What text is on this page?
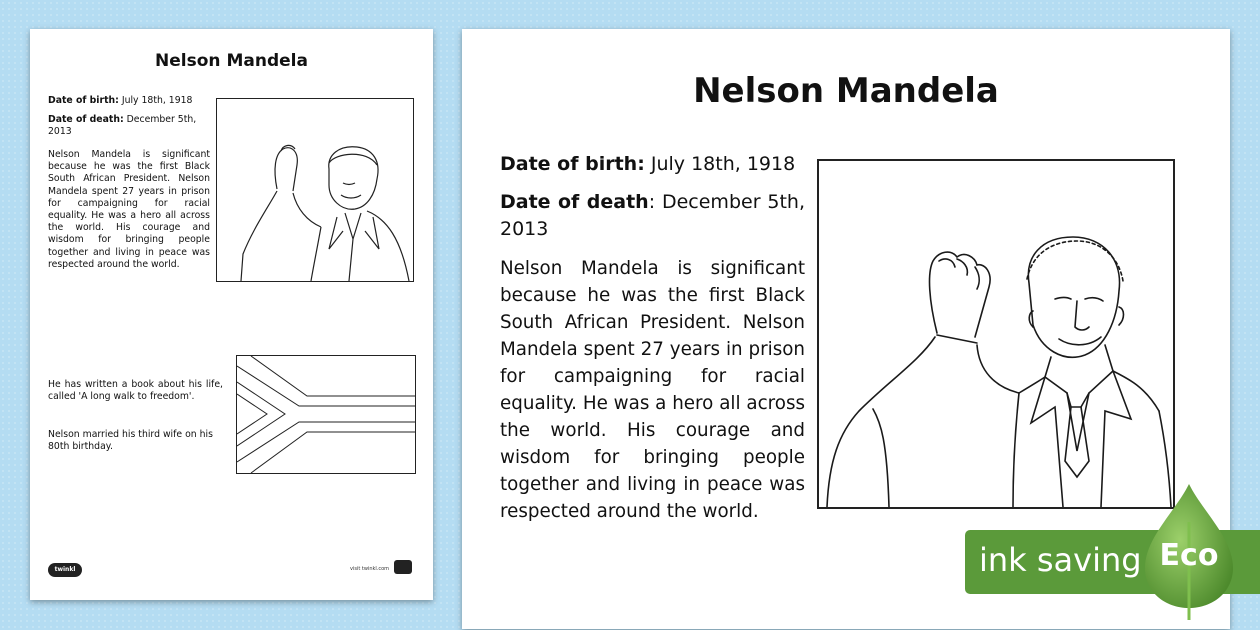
Nelson Mandela
Date of birth: July 18th, 1918
Date of death: December 5th, 2013
Nelson Mandela is significant because he was the first Black South African President. Nelson Mandela spent 27 years in prison for campaigning for racial equality. He was a hero all across the world. His courage and wisdom for bringing people together and living in peace was respected around the world.
He has written a book about his life, called 'A long walk to freedom'.
Nelson married his third wife on his 80th birthday.
twinkl	visit twinkl.com
Nelson Mandela
Date of birth: July 18th, 1918
Date of death: December 5th, 2013
Nelson Mandela is significant because he was the first Black South African President. Nelson Mandela spent 27 years in prison for campaigning for racial equality. He was a hero all across the world. His courage and wisdom for bringing people together and living in peace was respected around the world.
ink saving Eco
